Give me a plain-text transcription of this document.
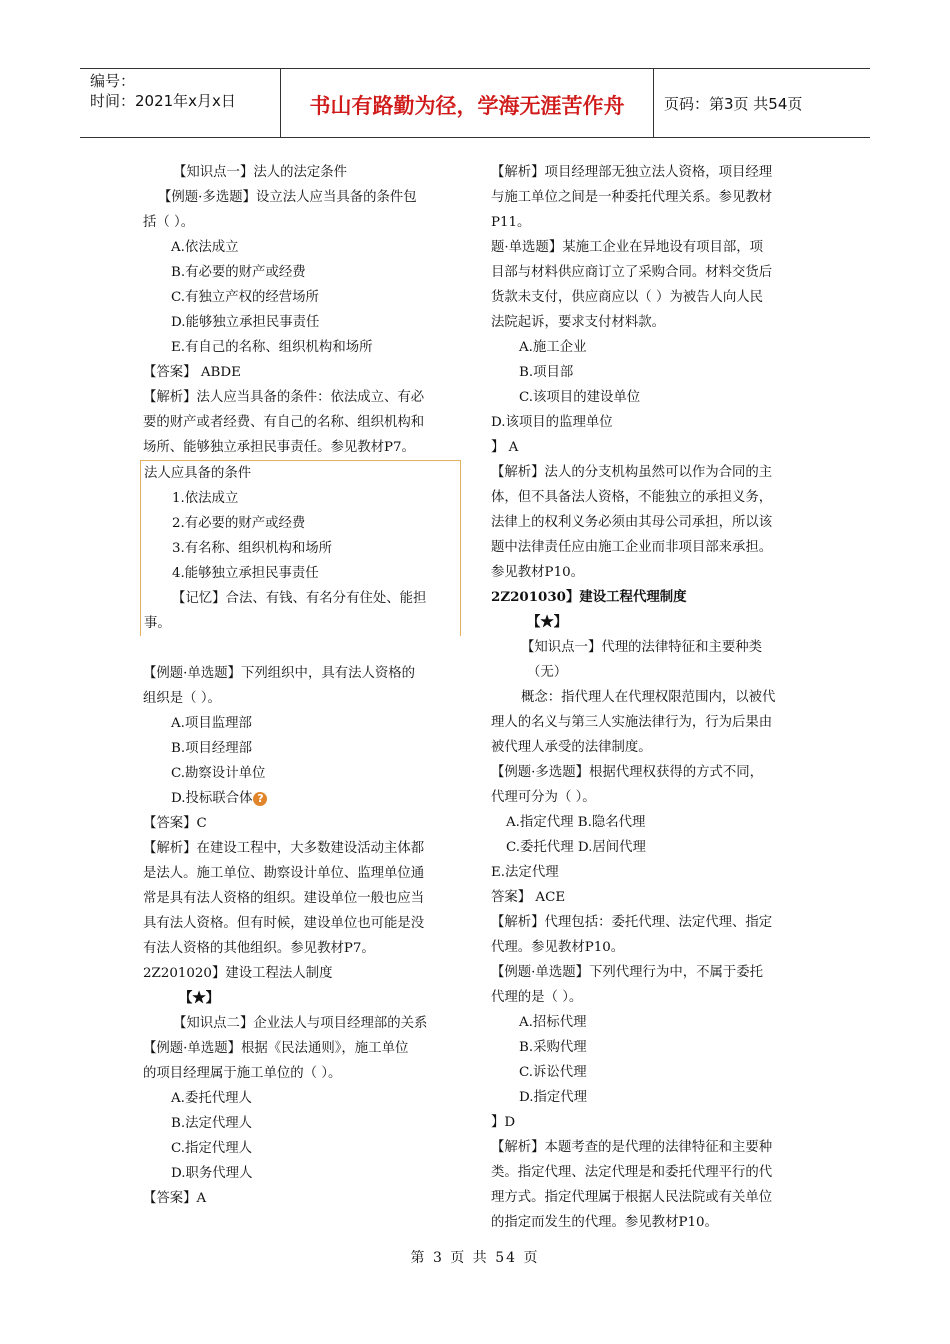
编号：
时间：2021年x月x日	书山有路勤为径，学海无涯苦作舟	页码：第3页 共54页
【知识点一】法人的法定条件
【例题·多选题】设立法人应当具备的条件包
括（ ）。
A.依法成立
B.有必要的财产或经费
C.有独立产权的经营场所
D.能够独立承担民事责任
E.有自己的名称、组织机构和场所
【答案】 ABDE
【解析】法人应当具备的条件：依法成立、有必
要的财产或者经费、有自己的名称、组织机构和
场所、能够独立承担民事责任。参见教材P7。
法人应具备的条件
1.依法成立
2.有必要的财产或经费
3.有名称、组织机构和场所
4.能够独立承担民事责任
【记忆】合法、有钱、有名分有住处、能担
事。
【例题·单选题】下列组织中，具有法人资格的
组织是（ ）。
A.项目监理部
B.项目经理部
C.勘察设计单位
D.投标联合体 ?
【答案】C
【解析】在建设工程中，大多数建设活动主体都
是法人。施工单位、勘察设计单位、监理单位通
常是具有法人资格的组织。建设单位一般也应当
具有法人资格。但有时候，建设单位也可能是没
有法人资格的其他组织。参见教材P7。
2Z201020】建设工程法人制度
【★】
【知识点二】企业法人与项目经理部的关系
【例题·单选题】根据《民法通则》，施工单位
的项目经理属于施工单位的（ ）。
A.委托代理人
B.法定代理人
C.指定代理人
D.职务代理人
【答案】A
【解析】项目经理部无独立法人资格，项目经理
与施工单位之间是一种委托代理关系。参见教材
P11。
题·单选题】某施工企业在异地设有项目部，项
目部与材料供应商订立了采购合同。材料交货后
货款未支付，供应商应以（ ）为被告人向人民
法院起诉，要求支付材料款。
A.施工企业
B.项目部
C.该项目的建设单位
D.该项目的监理单位
】 A
【解析】法人的分支机构虽然可以作为合同的主
体，但不具备法人资格，不能独立的承担义务，
法律上的权利义务必须由其母公司承担，所以该
题中法律责任应由施工企业而非项目部来承担。
参见教材P10。
2Z201030】建设工程代理制度
【★】
【知识点一】代理的法律特征和主要种类
（无）
概念：指代理人在代理权限范围内，以被代
理人的名义与第三人实施法律行为，行为后果由
被代理人承受的法律制度。
【例题·多选题】根据代理权获得的方式不同，
代理可分为（ ）。
A.指定代理 B.隐名代理
C.委托代理 D.居间代理
E.法定代理
答案】 ACE
【解析】代理包括：委托代理、法定代理、指定
代理。参见教材P10。
【例题·单选题】下列代理行为中，不属于委托
代理的是（ ）。
A.招标代理
B.采购代理
C.诉讼代理
D.指定代理
】D
【解析】本题考查的是代理的法律特征和主要种
类。指定代理、法定代理是和委托代理平行的代
理方式。指定代理属于根据人民法院或有关单位
的指定而发生的代理。参见教材P10。
第 3 页 共 54 页
